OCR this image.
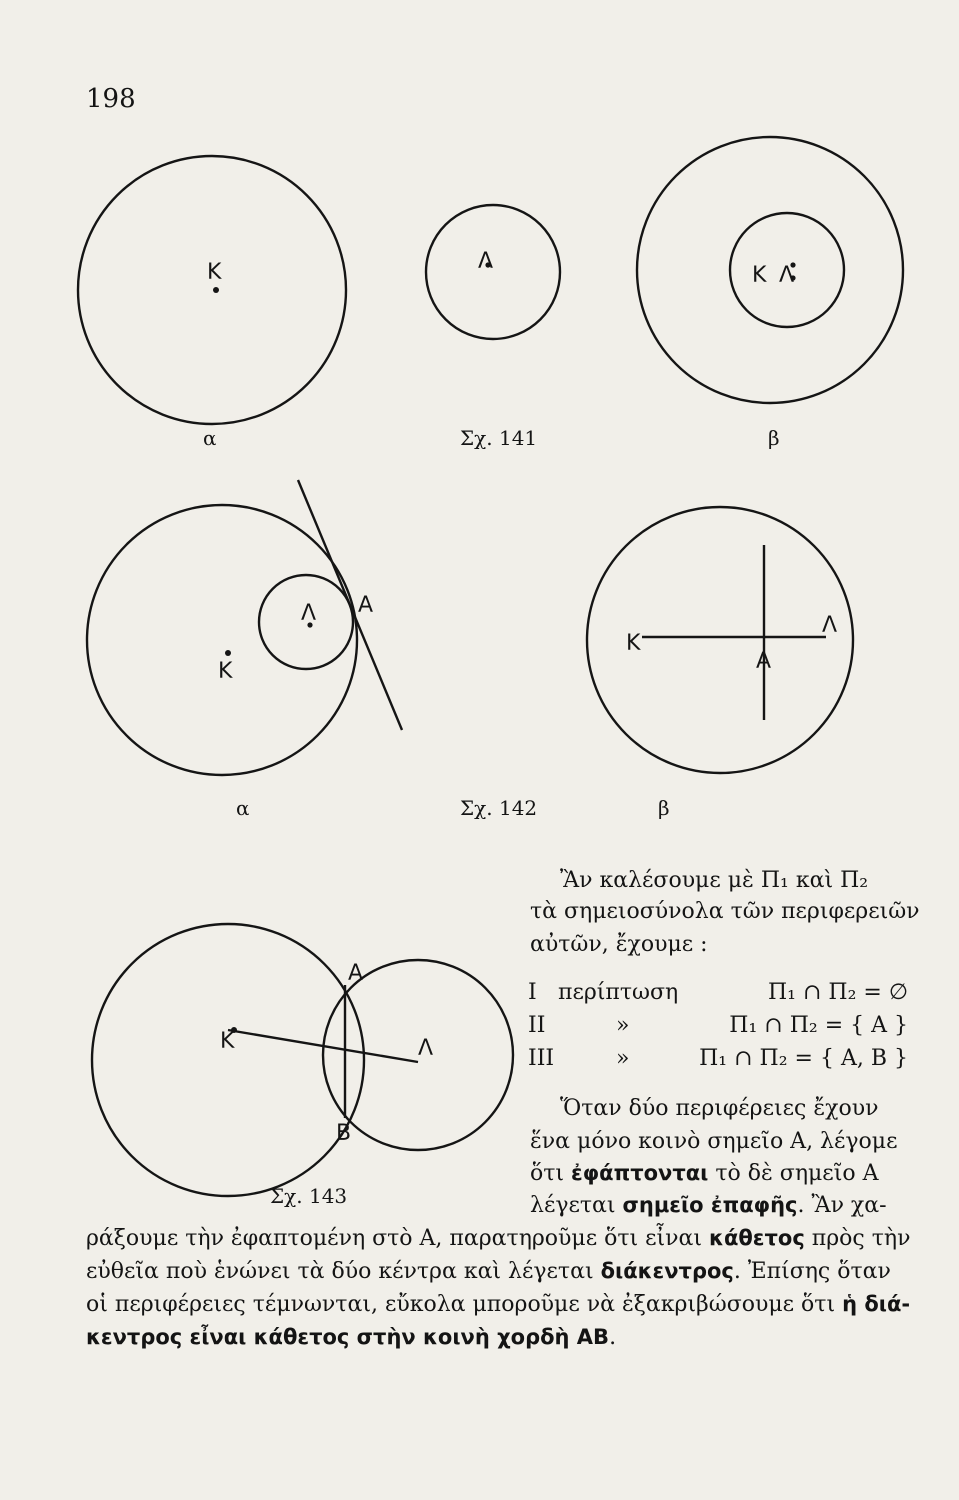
198
Κ	Λ
Κ Λ
Κ
Λ Α
Κ
Α
Λ
Κ	Λ
Α
Β
α	Σχ. 141	β
α	Σχ. 142	β
Σχ. 143
Ἂν καλέσουμε μὲ Π₁ καὶ Π₂
τὰ σημειοσύνολα τῶν περιφερειῶν
αὐτῶν, ἔχουμε :
I περίπτωση	Π₁ ∩ Π₂ = ∅
II	»	Π₁ ∩ Π₂ = { Α }
III	»	Π₁ ∩ Π₂ = { Α, Β }
Ὅταν δύο περιφέρειες ἔχουν
ἕνα μόνο κοινὸ σημεῖο Α, λέγομε
ὅτι ἐφάπτονται τὸ δὲ σημεῖο Α
λέγεται σημεῖο ἐπαφῆς. Ἂν χα-
ράξουμε τὴν ἐφαπτομένη στὸ Α, παρατηροῦμε ὅτι εἶναι κάθετος πρὸς τὴν
εὐθεῖα ποὺ ἑνώνει τὰ δύο κέντρα καὶ λέγεται διάκεντρος. Ἐπίσης ὅταν
οἱ περιφέρειες τέμνωνται, εὔκολα μποροῦμε νὰ ἐξακριβώσουμε ὅτι ἡ διά-
κεντρος εἶναι κάθετος στὴν κοινὴ χορδὴ ΑΒ.
